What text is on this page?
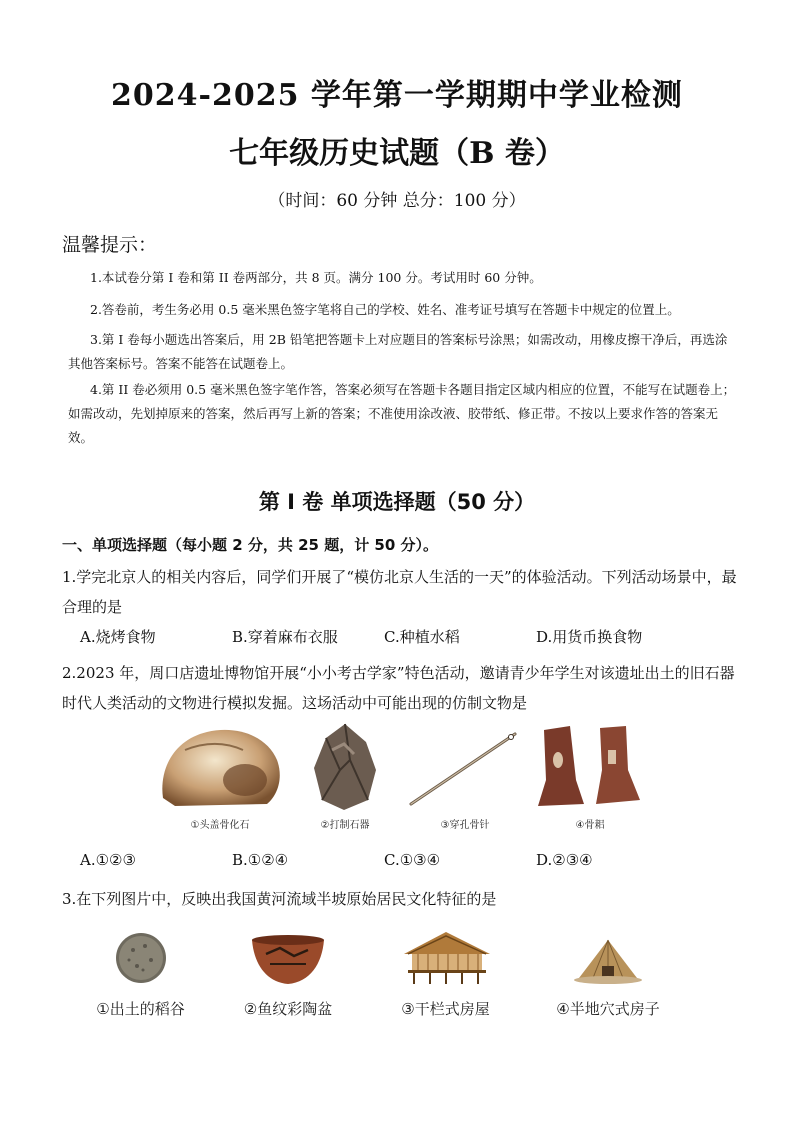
2024-2025 学年第一学期期中学业检测
七年级历史试题（B 卷）
（时间：60 分钟 总分：100 分）
温馨提示：
1.本试卷分第 I 卷和第 II 卷两部分，共 8 页。满分 100 分。考试用时 60 分钟。
2.答卷前，考生务必用 0.5 毫米黑色签字笔将自己的学校、姓名、准考证号填写在答题卡中规定的位置上。
3.第 I 卷每小题选出答案后，用 2B 铅笔把答题卡上对应题目的答案标号涂黑；如需改动，用橡皮擦干净后，再选涂其他答案标号。答案不能答在试题卷上。
4.第 II 卷必须用 0.5 毫米黑色签字笔作答，答案必须写在答题卡各题目指定区域内相应的位置，不能写在试题卷上；如需改动，先划掉原来的答案，然后再写上新的答案；不准使用涂改液、胶带纸、修正带。不按以上要求作答的答案无效。
第 I 卷 单项选择题（50 分）
一、单项选择题（每小题 2 分，共 25 题，计 50 分）。
1.学完北京人的相关内容后，同学们开展了“模仿北京人生活的一天”的体验活动。下列活动场景中，最合理的是
A.烧烤食物	B.穿着麻布衣服	C.种植水稻	D.用货币换食物
2.2023 年，周口店遗址博物馆开展“小小考古学家”特色活动，邀请青少年学生对该遗址出土的旧石器时代人类活动的文物进行模拟发掘。这场活动中可能出现的仿制文物是
①头盖骨化石	②打制石器	③穿孔骨针	④骨耜
A.①②③	B.①②④	C.①③④	D.②③④
3.在下列图片中，反映出我国黄河流域半坡原始居民文化特征的是
①出土的稻谷	②鱼纹彩陶盆	③干栏式房屋	④半地穴式房子
